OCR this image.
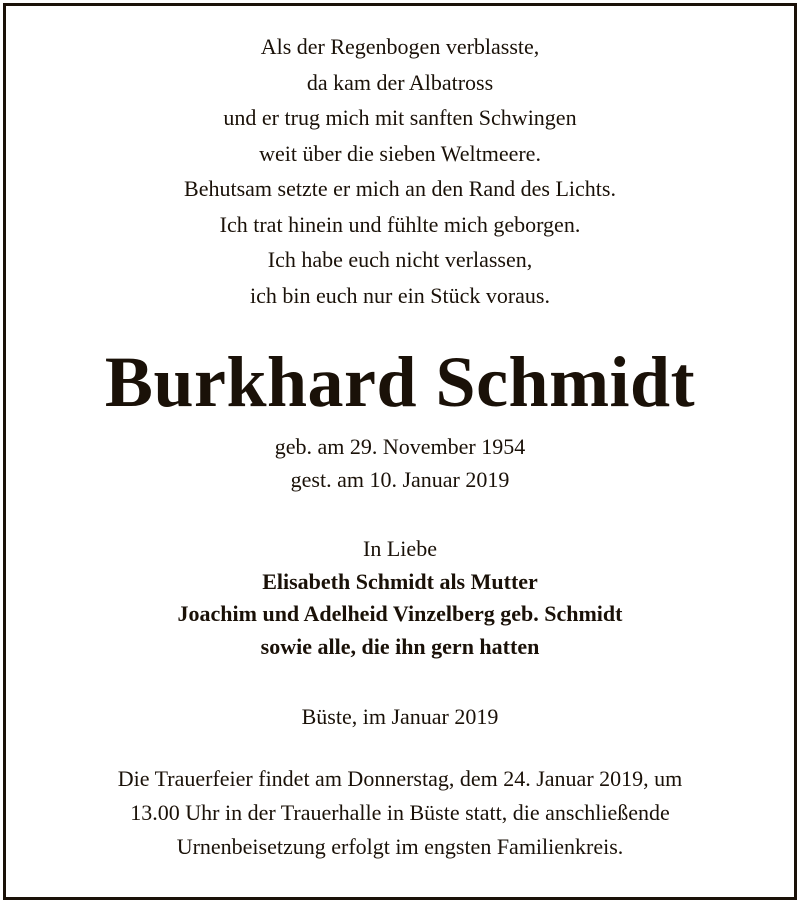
Als der Regenbogen verblasste,
da kam der Albatross
und er trug mich mit sanften Schwingen
weit über die sieben Weltmeere.
Behutsam setzte er mich an den Rand des Lichts.
Ich trat hinein und fühlte mich geborgen.
Ich habe euch nicht verlassen,
ich bin euch nur ein Stück voraus.
Burkhard Schmidt
geb. am 29. November 1954
gest. am 10. Januar 2019
In Liebe
Elisabeth Schmidt als Mutter
Joachim und Adelheid Vinzelberg geb. Schmidt
sowie alle, die ihn gern hatten
Büste, im Januar 2019
Die Trauerfeier findet am Donnerstag, dem 24. Januar 2019, um
13.00 Uhr in der Trauerhalle in Büste statt, die anschließende
Urnenbeisetzung erfolgt im engsten Familienkreis.
